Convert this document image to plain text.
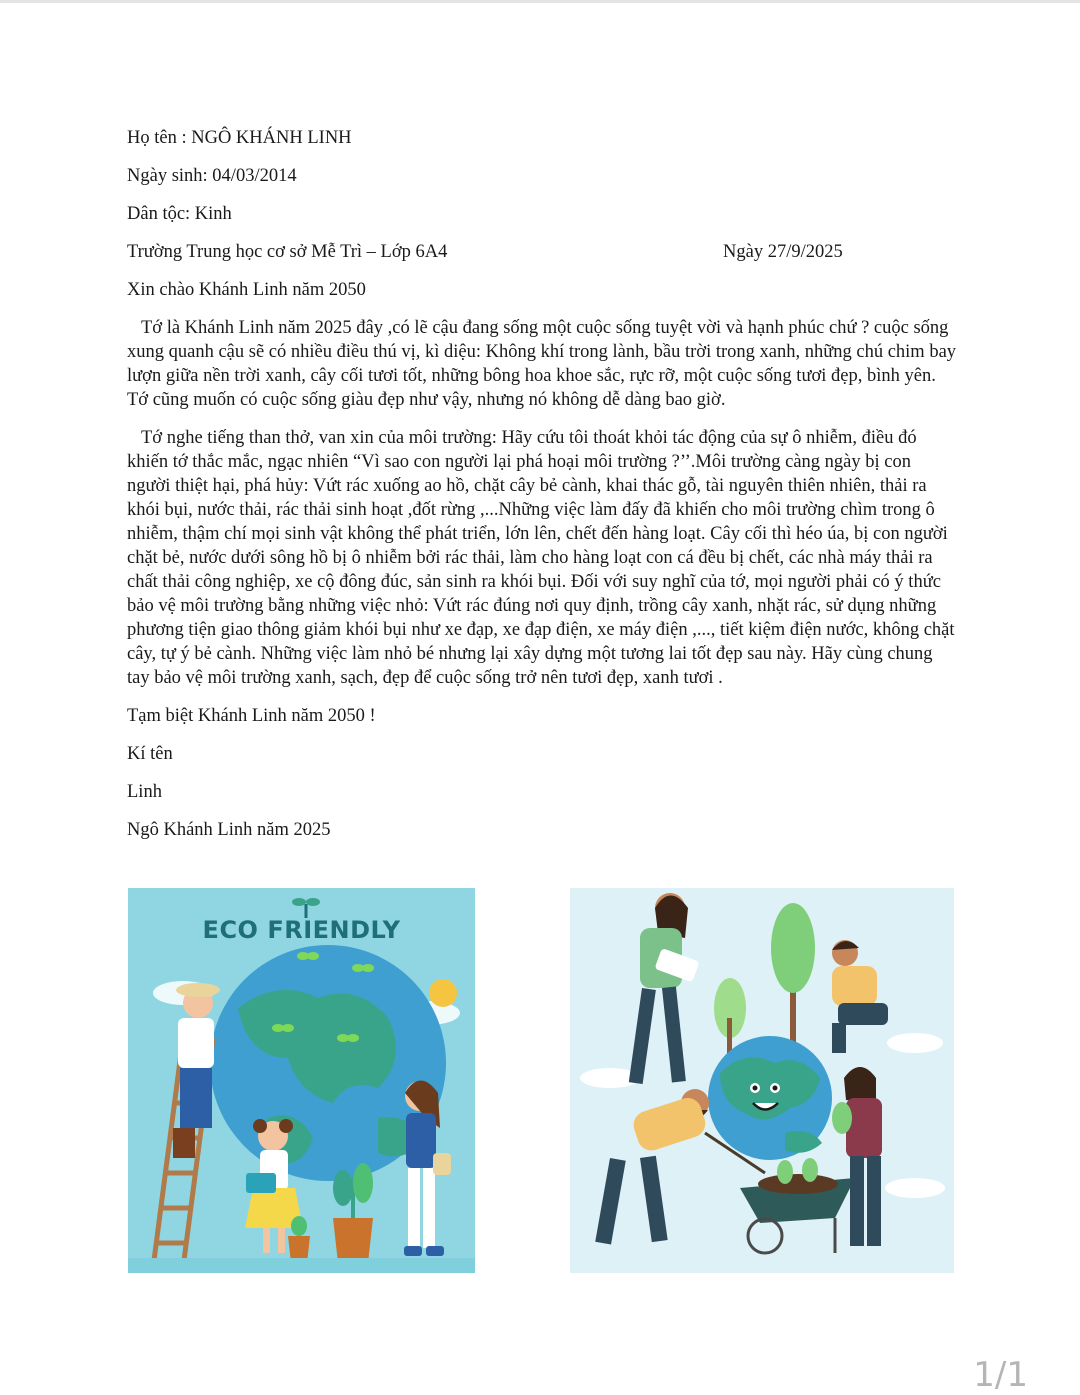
Họ tên : NGÔ KHÁNH LINH

Ngày sinh: 04/03/2014

Dân tộc: Kinh

Trường Trung học cơ sở Mễ Trì – Lớp 6A4	Ngày 27/9/2025

Xin chào Khánh Linh năm 2050

Tớ là Khánh Linh năm 2025 đây ,có lẽ cậu đang sống một cuộc sống tuyệt vời và hạnh phúc chứ ? cuộc sống xung quanh cậu sẽ có nhiều điều thú vị, kì diệu: Không khí trong lành, bầu trời trong xanh, những chú chim bay lượn giữa nền trời xanh, cây cối tươi tốt, những bông hoa khoe sắc, rực rỡ, một cuộc sống tươi đẹp, bình yên. Tớ cũng muốn có cuộc sống giàu đẹp như vậy, nhưng nó không dễ dàng bao giờ.

Tớ nghe tiếng than thở, van xin của môi trường: Hãy cứu tôi thoát khỏi tác động của sự ô nhiễm, điều đó khiến tớ thắc mắc, ngạc nhiên “Vì sao con người lại phá hoại môi trường ?’’.Môi trường càng ngày bị con người thiệt hại, phá hủy: Vứt rác xuống ao hồ, chặt cây bẻ cành, khai thác gỗ, tài nguyên thiên nhiên, thải ra khói bụi, nước thải, rác thải sinh hoạt ,đốt rừng ,...Những việc làm đấy đã khiến cho môi trường chìm trong ô nhiễm, thậm chí mọi sinh vật không thể phát triển, lớn lên, chết đến hàng loạt. Cây cối thì héo úa, bị con người chặt bẻ, nước dưới sông hồ bị ô nhiễm bởi rác thải, làm cho hàng loạt con cá đều bị chết, các nhà máy thải ra chất thải công nghiệp, xe cộ đông đúc, sản sinh ra khói bụi. Đối với suy nghĩ của tớ, mọi người phải có ý thức bảo vệ môi trường bằng những việc nhỏ: Vứt rác đúng nơi quy định, trồng cây xanh, nhặt rác, sử dụng những phương tiện giao thông giảm khói bụi như xe đạp, xe đạp điện, xe máy điện ,..., tiết kiệm điện nước, không chặt cây, tự ý bẻ cành. Những việc làm nhỏ bé nhưng lại xây dựng một tương lai tốt đẹp sau này. Hãy cùng chung tay bảo vệ môi trường xanh, sạch, đẹp để cuộc sống trở nên tươi đẹp, xanh tươi .

Tạm biệt Khánh Linh năm 2050 !

Kí tên

Linh

Ngô Khánh Linh năm 2025

ECO FRIENDLY
1/1
